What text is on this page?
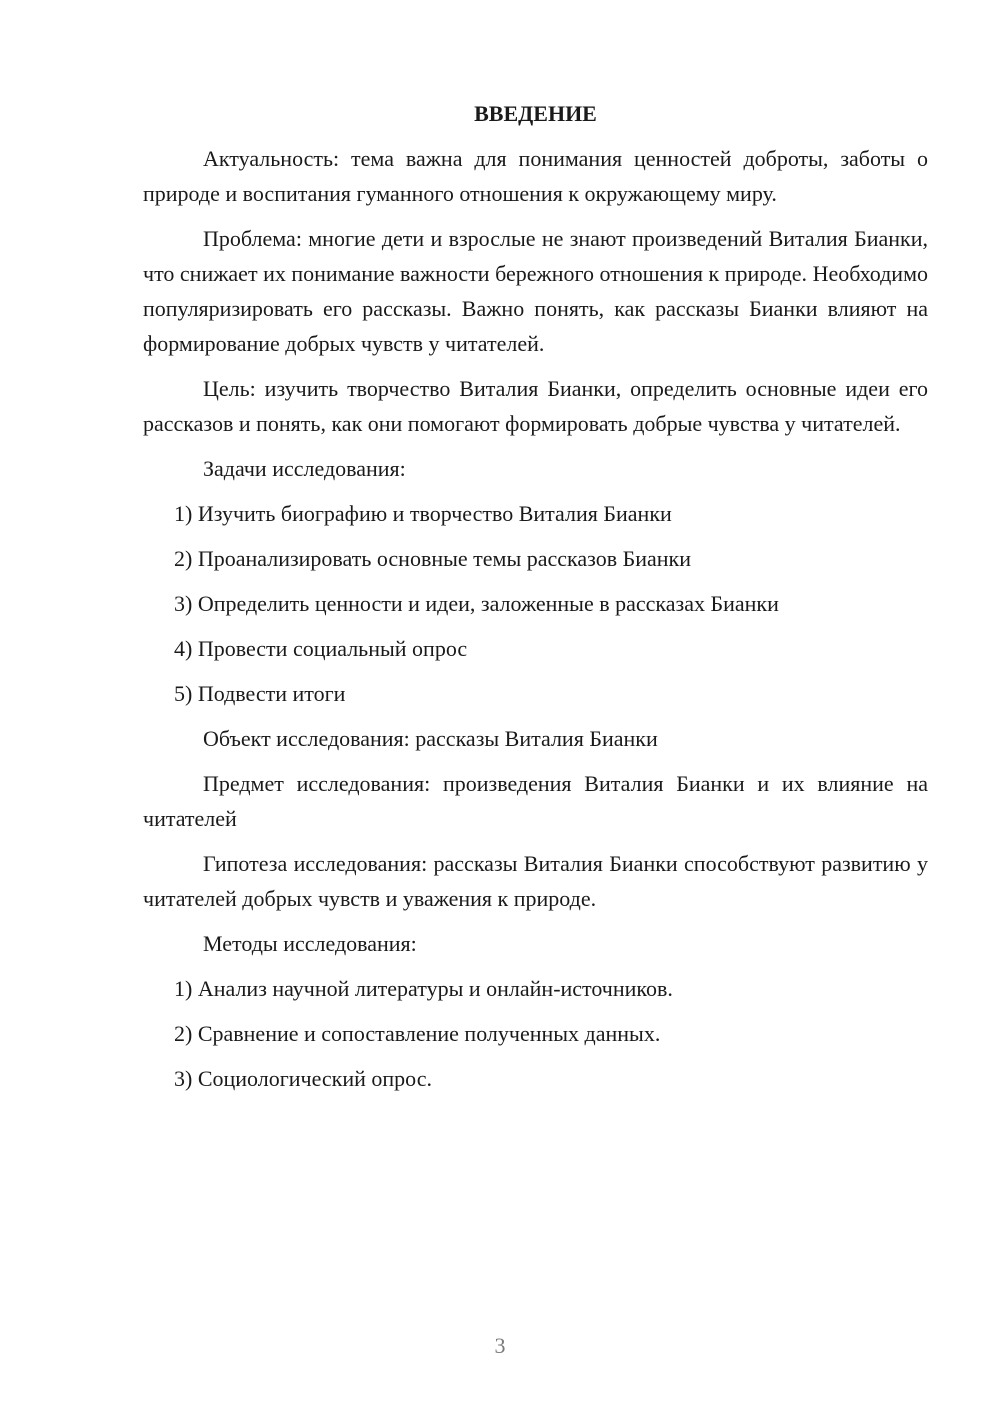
ВВЕДЕНИЕ
Актуальность: тема важна для понимания ценностей доброты, заботы о природе и воспитания гуманного отношения к окружающему миру.
Проблема: многие дети и взрослые не знают произведений Виталия Бианки, что снижает их понимание важности бережного отношения к природе. Необходимо популяризировать его рассказы. Важно понять, как рассказы Бианки влияют на формирование добрых чувств у читателей.
Цель: изучить творчество Виталия Бианки, определить основные идеи его рассказов и понять, как они помогают формировать добрые чувства у читателей.
Задачи исследования:
1) Изучить биографию и творчество Виталия Бианки
2) Проанализировать основные темы рассказов Бианки
3) Определить ценности и идеи, заложенные в рассказах Бианки
4) Провести социальный опрос
5) Подвести итоги
Объект исследования: рассказы Виталия Бианки
Предмет исследования: произведения Виталия Бианки и их влияние на читателей
Гипотеза исследования: рассказы Виталия Бианки способствуют развитию у читателей добрых чувств и уважения к природе.
Методы исследования:
1) Анализ научной литературы и онлайн-источников.
2) Сравнение и сопоставление полученных данных.
3) Социологический опрос.
3
